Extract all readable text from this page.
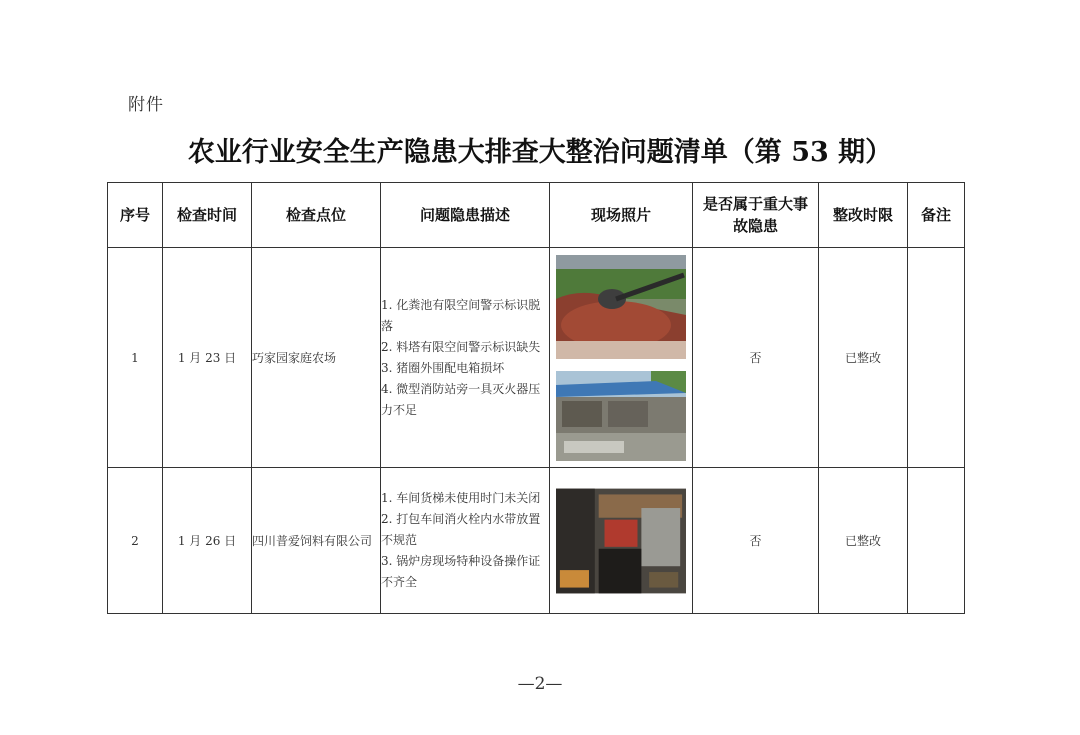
附件
农业行业安全生产隐患大排查大整治问题清单（第 53 期）
序号	检查时间	检查点位	问题隐患描述	现场照片	是否属于重大事故隐患	整改时限	备注
1	1 月 23 日	巧家园家庭农场	1. 化粪池有限空间警示标识脱落
2. 料塔有限空间警示标识缺失
3. 猪圈外围配电箱损坏
4. 微型消防站旁一具灭火器压力不足		否	已整改	
2	1 月 26 日	四川普爱饲料有限公司	1. 车间货梯未使用时门未关闭
2. 打包车间消火栓内水带放置不规范
3. 锅炉房现场特种设备操作证不齐全		否	已整改	
—2—
